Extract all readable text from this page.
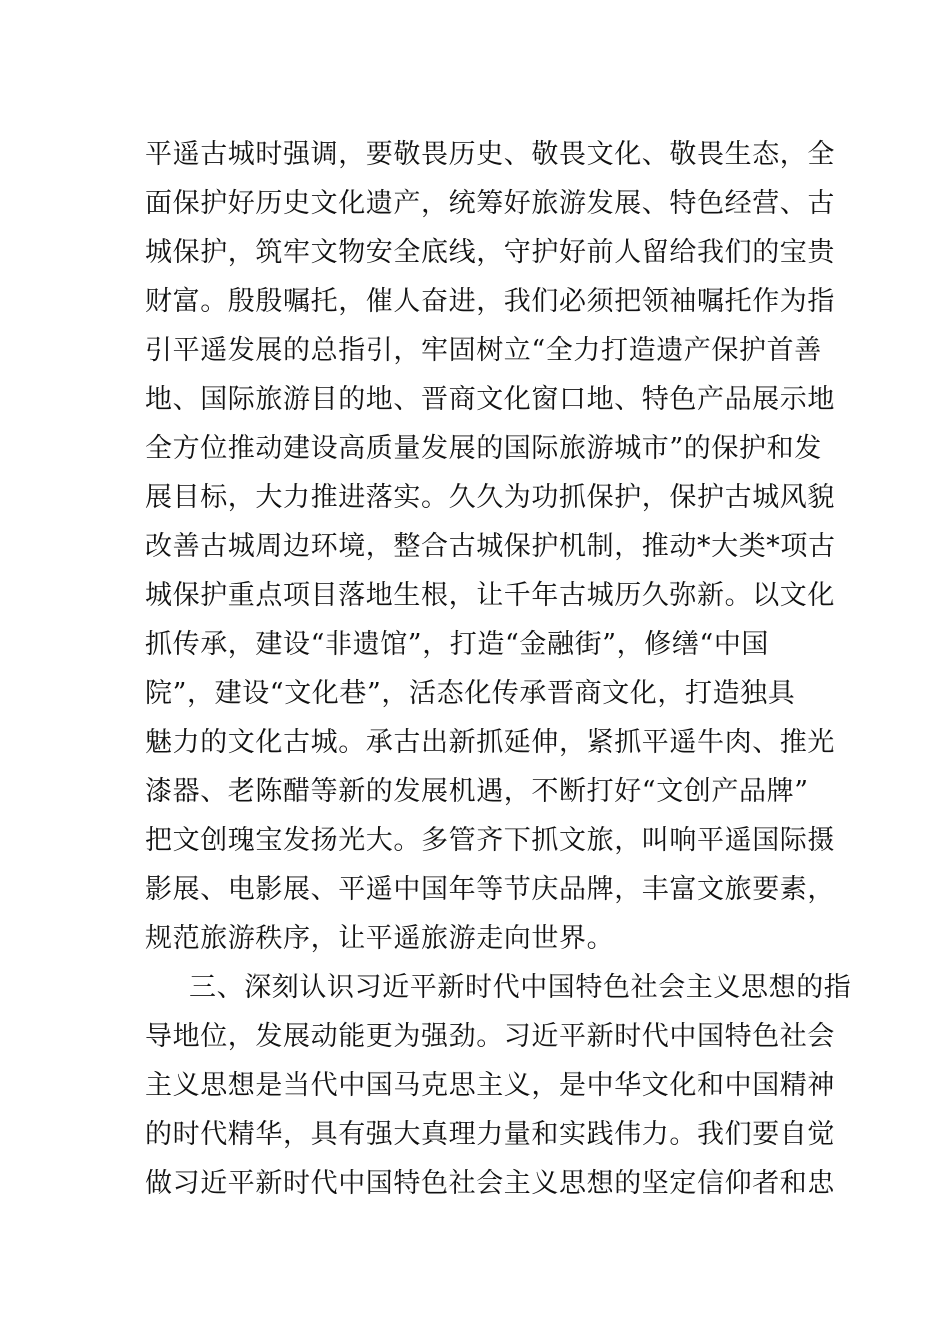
平遥古城时强调，要敬畏历史、敬畏文化、敬畏生态，全
面保护好历史文化遗产，统筹好旅游发展、特色经营、古
城保护，筑牢文物安全底线，守护好前人留给我们的宝贵
财富。殷殷嘱托，催人奋进，我们必须把领袖嘱托作为指
引平遥发展的总指引，牢固树立“全力打造遗产保护首善
地、国际旅游目的地、晋商文化窗口地、特色产品展示地
全方位推动建设高质量发展的国际旅游城市”的保护和发
展目标，大力推进落实。久久为功抓保护，保护古城风貌
改善古城周边环境，整合古城保护机制，推动*大类*项古
城保护重点项目落地生根，让千年古城历久弥新。以文化
抓传承，建设“非遗馆”，打造“金融街”，修缮“中国
院”，建设“文化巷”，活态化传承晋商文化，打造独具
魅力的文化古城。承古出新抓延伸，紧抓平遥牛肉、推光
漆器、老陈醋等新的发展机遇，不断打好“文创产品牌”
把文创瑰宝发扬光大。多管齐下抓文旅，叫响平遥国际摄
影展、电影展、平遥中国年等节庆品牌，丰富文旅要素，
规范旅游秩序，让平遥旅游走向世界。
三、深刻认识习近平新时代中国特色社会主义思想的指
导地位，发展动能更为强劲。习近平新时代中国特色社会
主义思想是当代中国马克思主义，是中华文化和中国精神
的时代精华，具有强大真理力量和实践伟力。我们要自觉
做习近平新时代中国特色社会主义思想的坚定信仰者和忠
